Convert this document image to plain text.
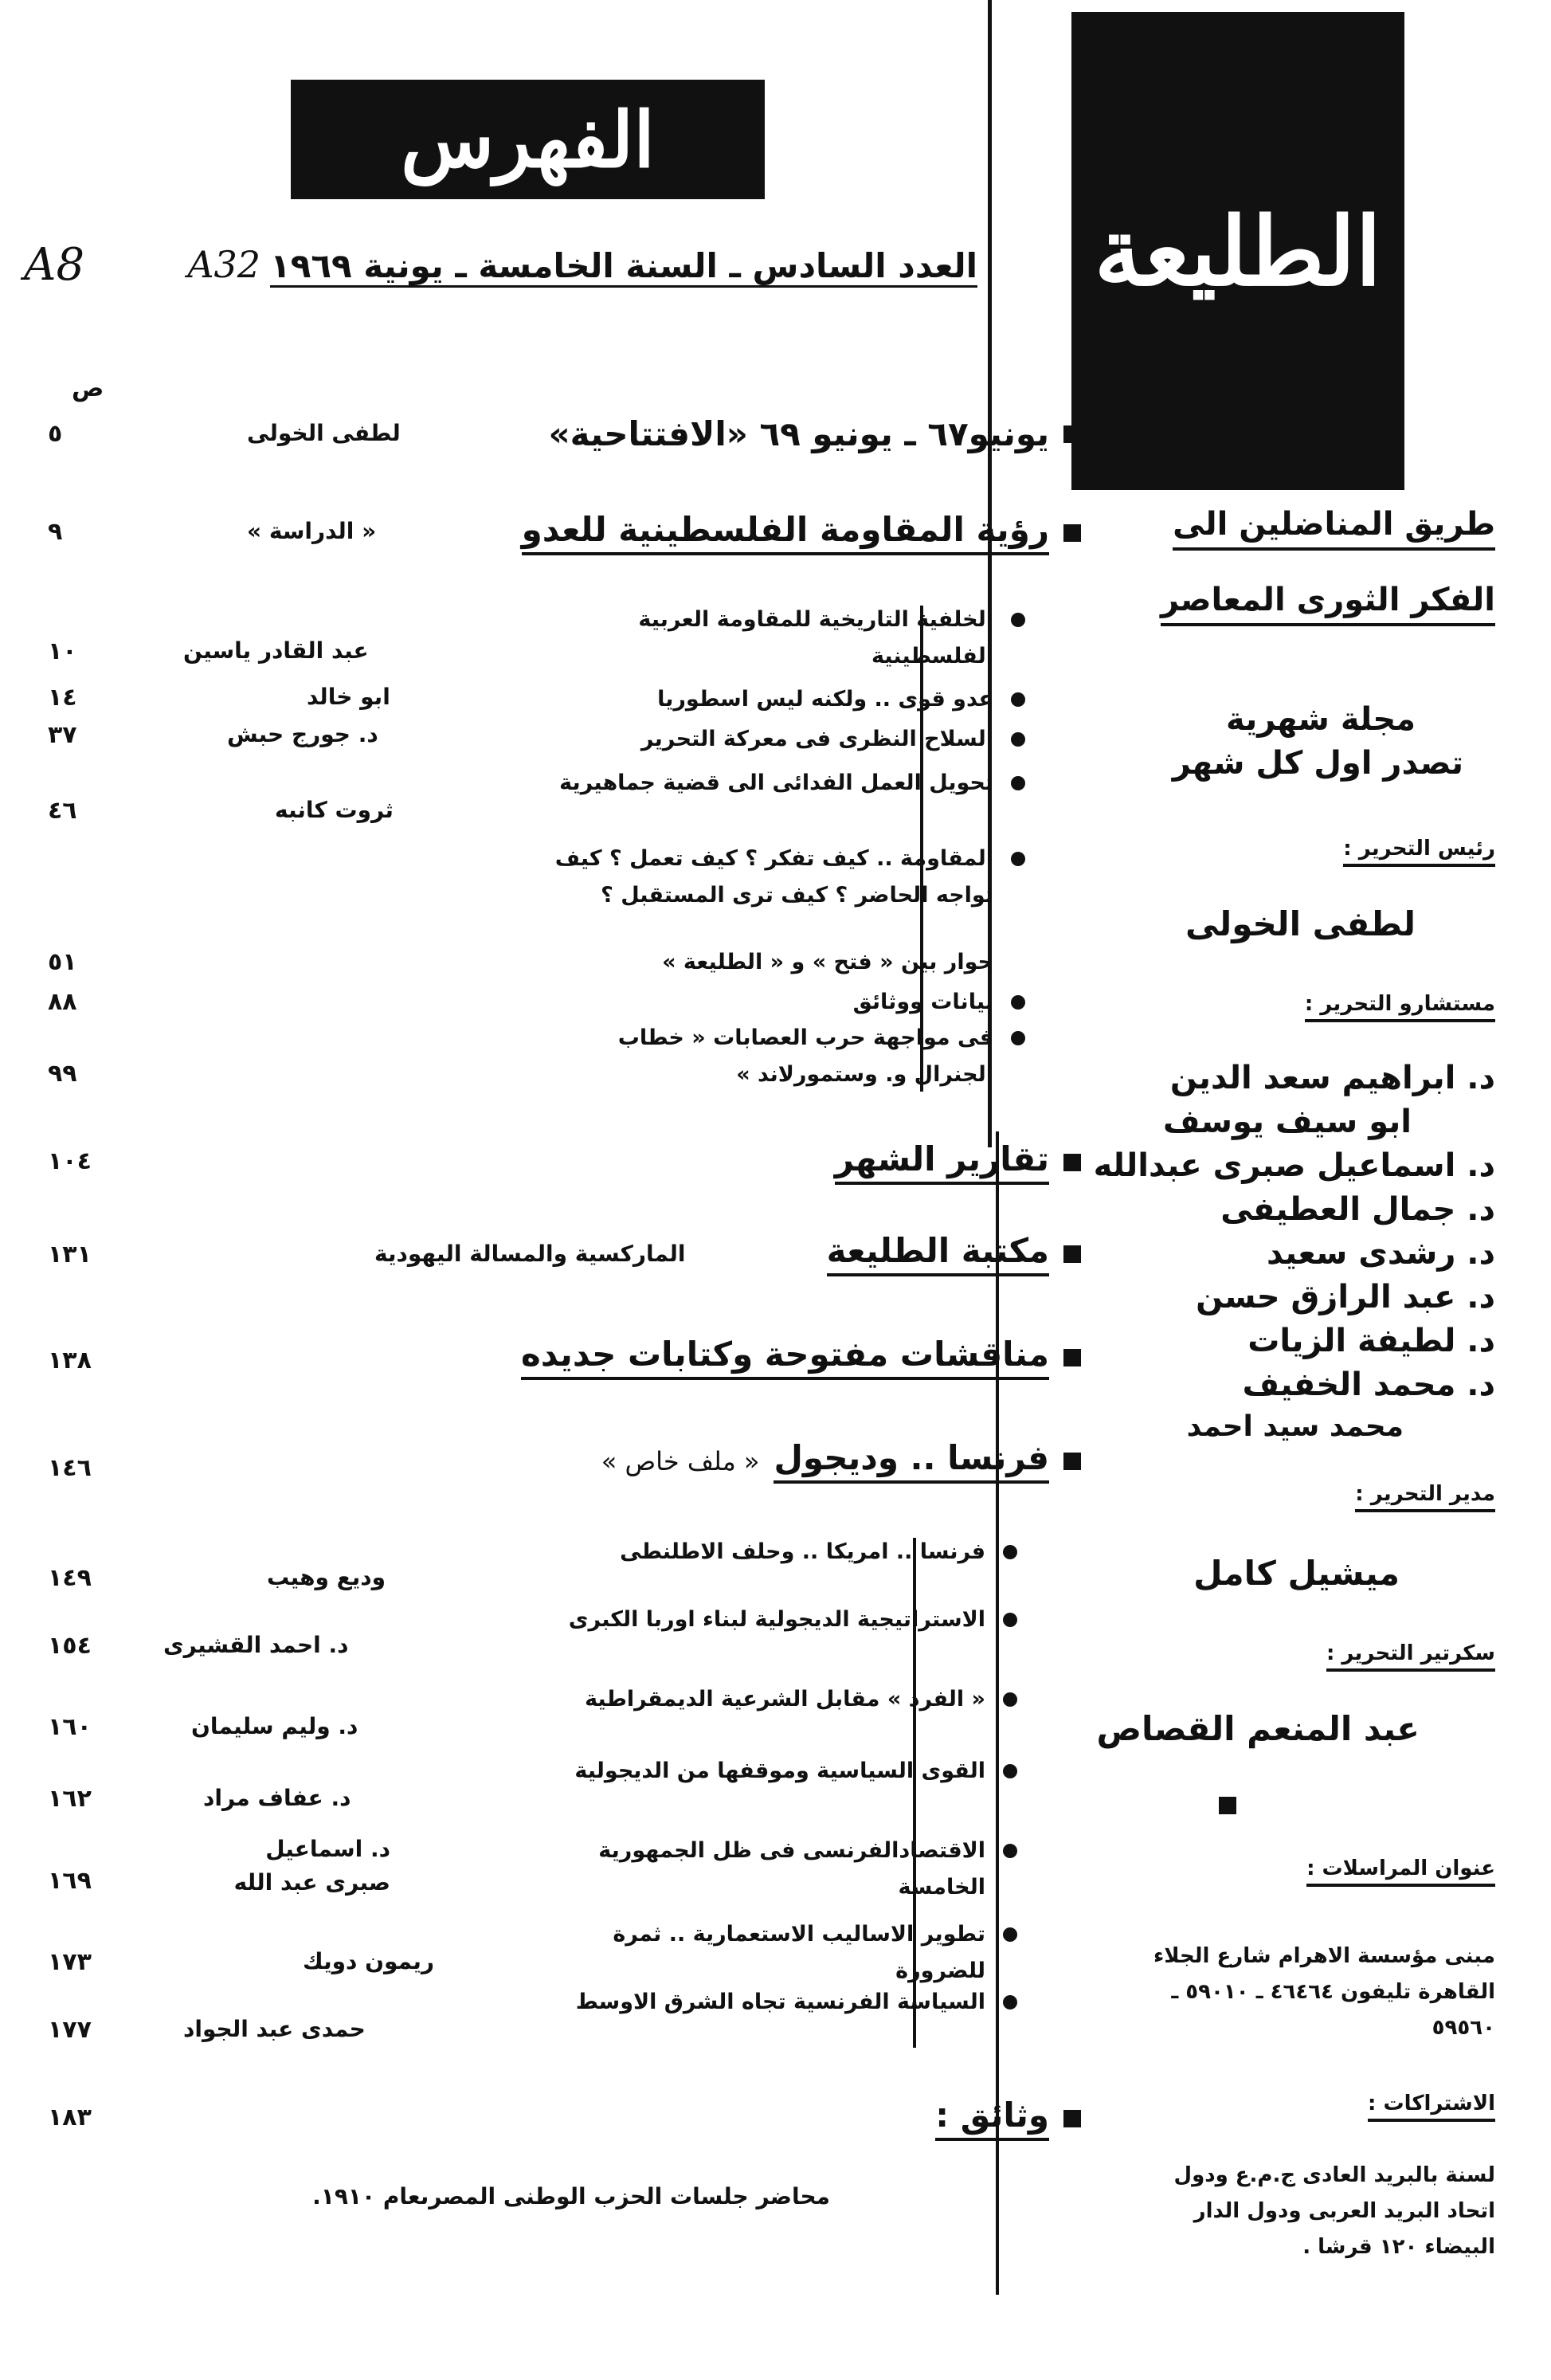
الفهرس
A8	العدد السادس ـ السنة الخامسة ـ يونية ١٩٦٩
A32
ص
الطليعة
طريق المناضلين الى
الفكر الثورى المعاصر
مجلة شهرية
تصدر اول كل شهر
رئيس التحرير :
لطفى الخولى
مستشارو التحرير :
د. ابراهيم سعد الدين
ابو سيف يوسف
د. اسماعيل صبرى عبدالله
د. جمال العطيفى
د. رشدى سعيد
د. عبد الرازق حسن
د. لطيفة الزيات
د. محمد الخفيف
محمد سيد احمد
مدير التحرير :
ميشيل كامل
سكرتير التحرير :
عبد المنعم القصاص
عنوان المراسلات :
مبنى مؤسسة الاهرام شارع الجلاء
القاهرة تليفون ٤٦٤٦٤ ـ ٥٩٠١٠ ـ
٥٩٥٦٠
الاشتراكات :
لسنة بالبريد العادى ج.م.ع ودول
اتحاد البريد العربى ودول الدار
البيضاء ١٢٠ قرشا .
يونيو٦٧ ـ يونيو ٦٩ «الافتتاحية»
لطفى الخولى
٥
رؤية المقاومة الفلسطينية للعدو
« الدراسة »
٩
الخلفية التاريخية للمقاومة العربية الفلسطينية
عبد القادر ياسين
١٠
عدو قوى .. ولكنه ليس اسطوريا
ابو خالد
١٤
السلاح النظرى فى معركة التحرير
د. جورج حبش
٣٧
تحويل العمل الفدائى الى قضية جماهيرية
ثروت كانبه
٤٦
المقاومة .. كيف تفكر ؟ كيف تعمل ؟ كيف تواجه الحاضر ؟ كيف ترى المستقبل ؟
حوار بين « فتح » و « الطليعة »
٥١
بيانات ووثائق
٨٨
فى مواجهة حرب العصابات « خطاب الجنرال و. وستمورلاند »
٩٩
تقارير الشهر
١٠٤
مكتبة الطليعة
الماركسية والمسالة اليهودية
١٣١
مناقشات مفتوحة وكتابات جديده
١٣٨
فرنسا .. وديجول
« ملف خاص »
١٤٦
فرنسا .. امريكا .. وحلف الاطلنطى
وديع وهيب
١٤٩
الاستراتيجية الديجولية لبناء اوربا الكبرى
د. احمد القشيرى
١٥٤
« الفرد » مقابل الشرعية الديمقراطية
د. وليم سليمان
١٦٠
القوى السياسية وموقفها من الديجولية
د. عفاف مراد
١٦٢
الاقتصادالفرنسى فى ظل الجمهورية الخامسة
د. اسماعيل صبرى عبد الله
١٦٩
تطوير الاساليب الاستعمارية .. ثمرة للضرورة
ريمون دويك
١٧٣
السياسة الفرنسية تجاه الشرق الاوسط
حمدى عبد الجواد
١٧٧
وثائق :
١٨٣
محاضر جلسات الحزب الوطنى المصرىعام ١٩١٠.
